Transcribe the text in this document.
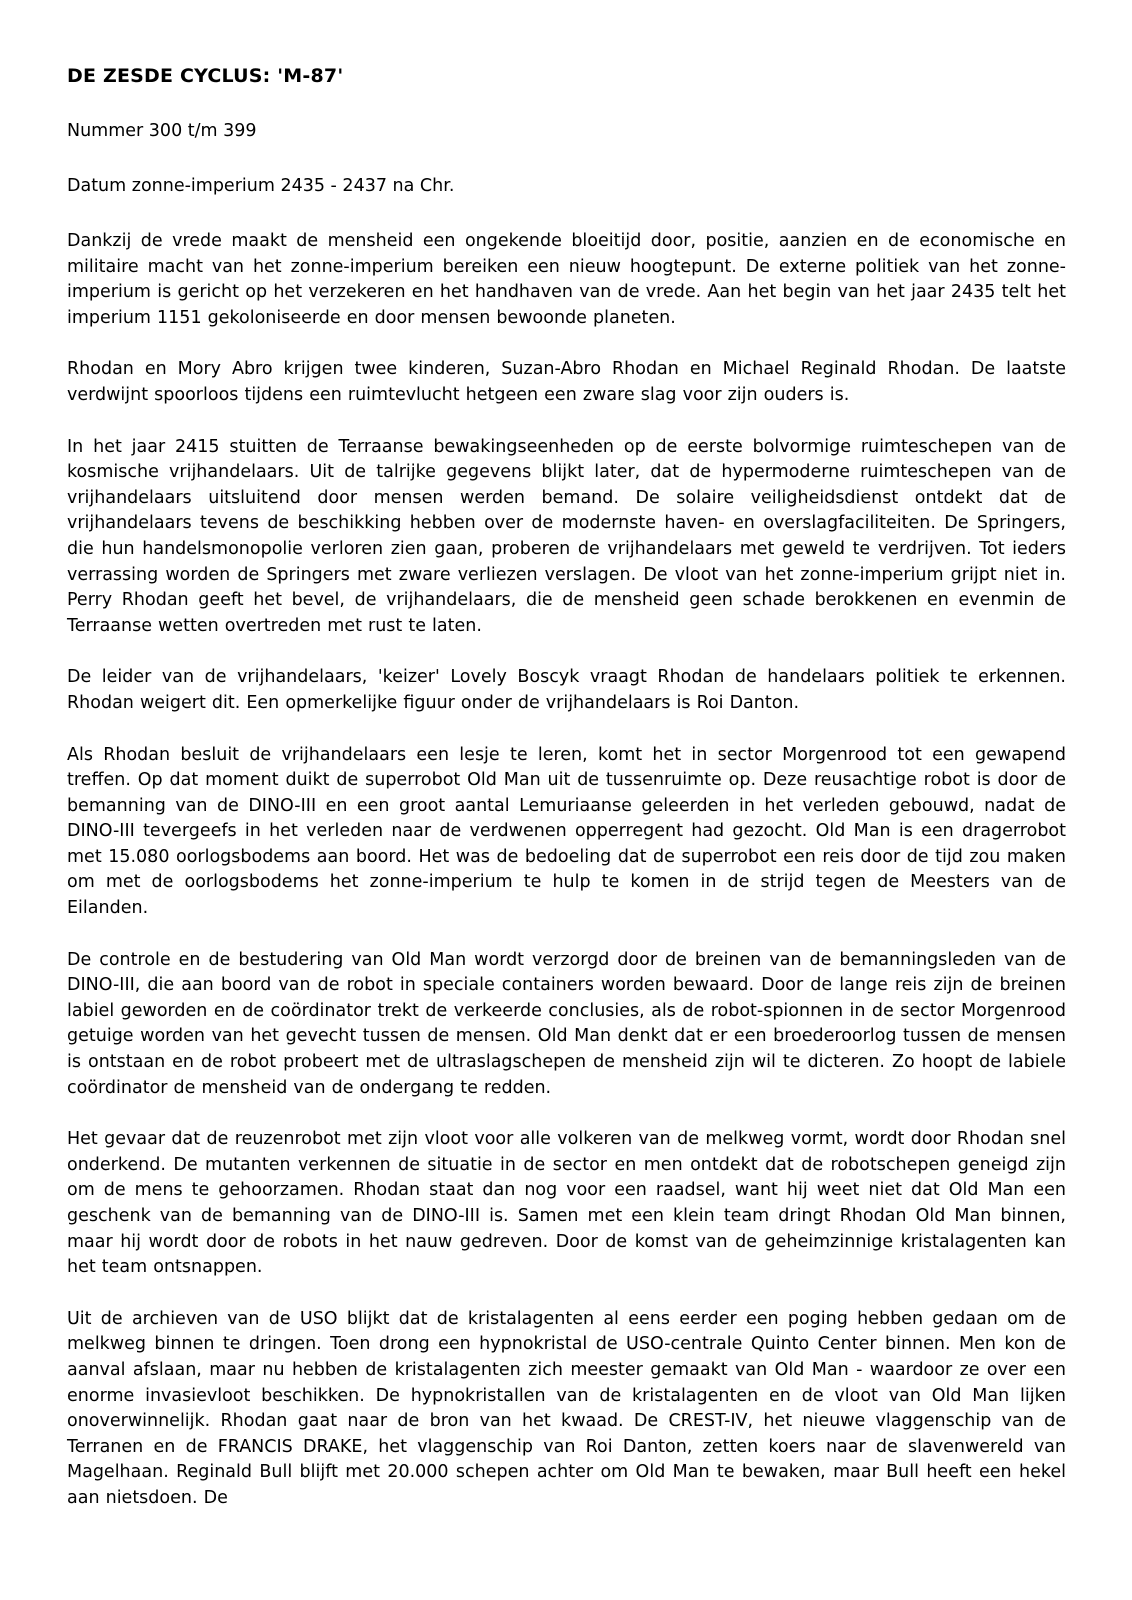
DE ZESDE CYCLUS: 'M-87'

Nummer 300 t/m 399

Datum zonne-imperium 2435 - 2437 na Chr.

Dankzij de vrede maakt de mensheid een ongekende bloeitijd door, positie, aanzien en de economische en militaire macht van het zonne-imperium bereiken een nieuw hoogtepunt. De externe politiek van het zonne-imperium is gericht op het verzekeren en het handhaven van de vrede. Aan het begin van het jaar 2435 telt het imperium 1151 gekoloniseerde en door mensen bewoonde planeten.

Rhodan en Mory Abro krijgen twee kinderen, Suzan-Abro Rhodan en Michael Reginald Rhodan. De laatste verdwijnt spoorloos tijdens een ruimtevlucht hetgeen een zware slag voor zijn ouders is.

In het jaar 2415 stuitten de Terraanse bewakingseenheden op de eerste bolvormige ruimteschepen van de kosmische vrijhandelaars. Uit de talrijke gegevens blijkt later, dat de hypermoderne ruimteschepen van de vrijhandelaars uitsluitend door mensen werden bemand. De solaire veiligheidsdienst ontdekt dat de vrijhandelaars tevens de beschikking hebben over de modernste haven- en overslagfaciliteiten. De Springers, die hun handelsmonopolie verloren zien gaan, proberen de vrijhandelaars met geweld te verdrijven. Tot ieders verrassing worden de Springers met zware verliezen verslagen. De vloot van het zonne-imperium grijpt niet in. Perry Rhodan geeft het bevel, de vrijhandelaars, die de mensheid geen schade berokkenen en evenmin de Terraanse wetten overtreden met rust te laten.

De leider van de vrijhandelaars, 'keizer' Lovely Boscyk vraagt Rhodan de handelaars politiek te erkennen. Rhodan weigert dit. Een opmerkelijke figuur onder de vrijhandelaars is Roi Danton.

Als Rhodan besluit de vrijhandelaars een lesje te leren, komt het in sector Morgenrood tot een gewapend treffen. Op dat moment duikt de superrobot Old Man uit de tussenruimte op. Deze reusachtige robot is door de bemanning van de DINO-III en een groot aantal Lemuriaanse geleerden in het verleden gebouwd, nadat de DINO-III tevergeefs in het verleden naar de verdwenen opperregent had gezocht. Old Man is een dragerrobot met 15.080 oorlogsbodems aan boord. Het was de bedoeling dat de superrobot een reis door de tijd zou maken om met de oorlogsbodems het zonne-imperium te hulp te komen in de strijd tegen de Meesters van de Eilanden.

De controle en de bestudering van Old Man wordt verzorgd door de breinen van de bemanningsleden van de DINO-III, die aan boord van de robot in speciale containers worden bewaard. Door de lange reis zijn de breinen labiel geworden en de coördinator trekt de verkeerde conclusies, als de robot-spionnen in de sector Morgenrood getuige worden van het gevecht tussen de mensen. Old Man denkt dat er een broederoorlog tussen de mensen is ontstaan en de robot probeert met de ultraslagschepen de mensheid zijn wil te dicteren. Zo hoopt de labiele coördinator de mensheid van de ondergang te redden.

Het gevaar dat de reuzenrobot met zijn vloot voor alle volkeren van de melkweg vormt, wordt door Rhodan snel onderkend. De mutanten verkennen de situatie in de sector en men ontdekt dat de robotschepen geneigd zijn om de mens te gehoorzamen. Rhodan staat dan nog voor een raadsel, want hij weet niet dat Old Man een geschenk van de bemanning van de DINO-III is. Samen met een klein team dringt Rhodan Old Man binnen, maar hij wordt door de robots in het nauw gedreven. Door de komst van de geheimzinnige kristalagenten kan het team ontsnappen.

Uit de archieven van de USO blijkt dat de kristalagenten al eens eerder een poging hebben gedaan om de melkweg binnen te dringen. Toen drong een hypnokristal de USO-centrale Quinto Center binnen. Men kon de aanval afslaan, maar nu hebben de kristalagenten zich meester gemaakt van Old Man - waardoor ze over een enorme invasievloot beschikken. De hypnokristallen van de kristalagenten en de vloot van Old Man lijken onoverwinnelijk. Rhodan gaat naar de bron van het kwaad. De CREST-IV, het nieuwe vlaggenschip van de Terranen en de FRANCIS DRAKE, het vlaggenschip van Roi Danton, zetten koers naar de slavenwereld van Magelhaan. Reginald Bull blijft met 20.000 schepen achter om Old Man te bewaken, maar Bull heeft een hekel aan nietsdoen. De
